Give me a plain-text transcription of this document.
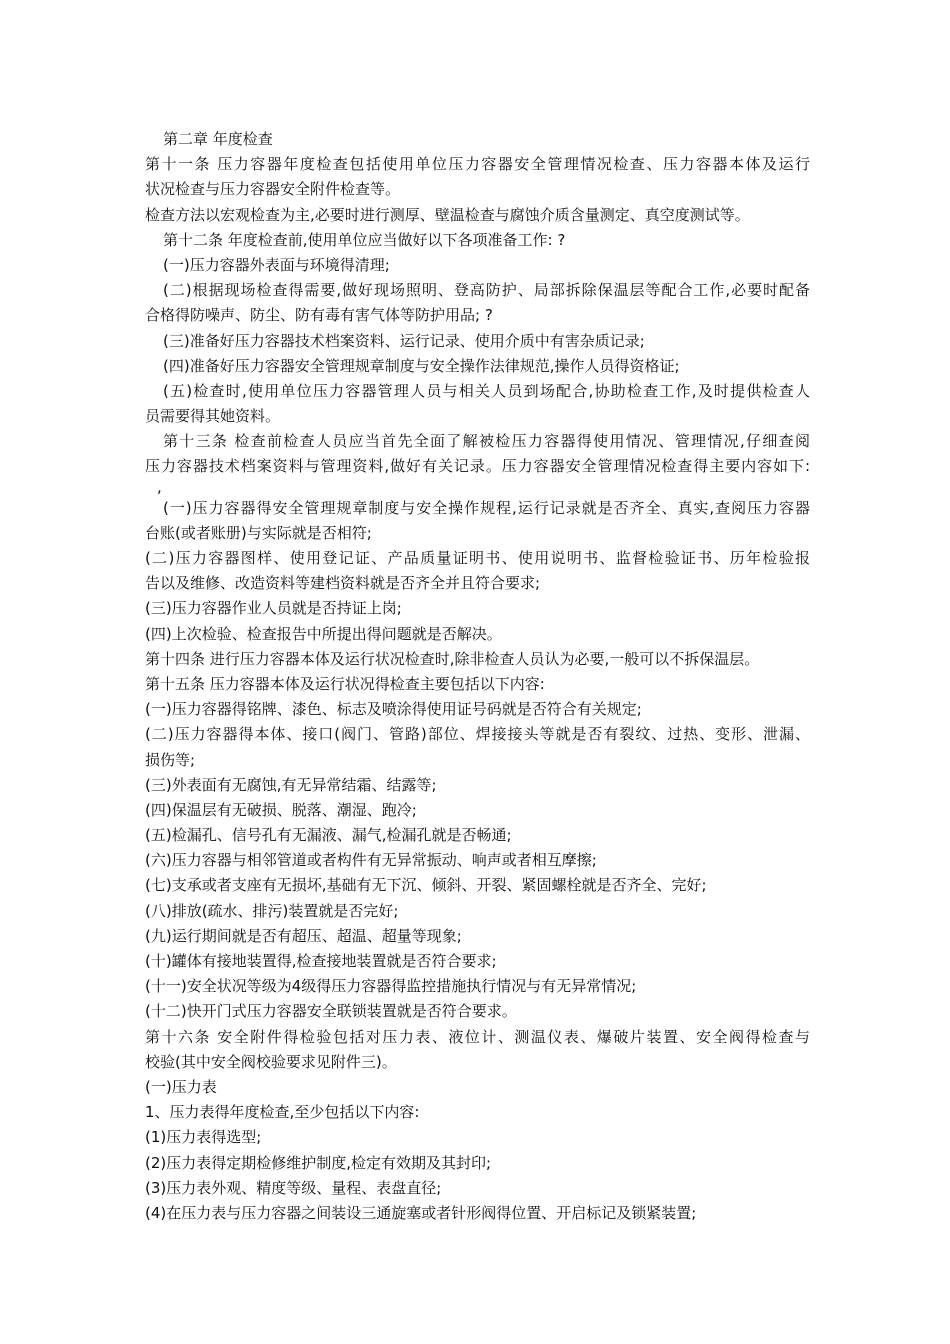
第二章 年度检查
第十一条 压力容器年度检查包括使用单位压力容器安全管理情况检查、压力容器本体及运行
状况检查与压力容器安全附件检查等。
检查方法以宏观检查为主,必要时进行测厚、壁温检查与腐蚀介质含量测定、真空度测试等。
第十二条 年度检查前,使用单位应当做好以下各项准备工作: ?
(一)压力容器外表面与环境得清理;
(二)根据现场检查得需要,做好现场照明、登高防护、局部拆除保温层等配合工作,必要时配备
合格得防噪声、防尘、防有毒有害气体等防护用品; ?
(三)准备好压力容器技术档案资料、运行记录、使用介质中有害杂质记录;
(四)准备好压力容器安全管理规章制度与安全操作法律规范,操作人员得资格证;
(五)检查时,使用单位压力容器管理人员与相关人员到场配合,协助检查工作,及时提供检查人
员需要得其她资料。
第十三条 检查前检查人员应当首先全面了解被检压力容器得使用情况、管理情况,仔细查阅
压力容器技术档案资料与管理资料,做好有关记录。压力容器安全管理情况检查得主要内容如下:
,
(一)压力容器得安全管理规章制度与安全操作规程,运行记录就是否齐全、真实,查阅压力容器
台账(或者账册)与实际就是否相符;
(二)压力容器图样、使用登记证、产品质量证明书、使用说明书、监督检验证书、历年检验报
告以及维修、改造资料等建档资料就是否齐全并且符合要求;
(三)压力容器作业人员就是否持证上岗;
(四)上次检验、检查报告中所提出得问题就是否解决。
第十四条 进行压力容器本体及运行状况检查时,除非检查人员认为必要,一般可以不拆保温层。
第十五条 压力容器本体及运行状况得检查主要包括以下内容:
(一)压力容器得铭牌、漆色、标志及喷涂得使用证号码就是否符合有关规定;
(二)压力容器得本体、接口(阀门、管路)部位、焊接接头等就是否有裂纹、过热、变形、泄漏、
损伤等;
(三)外表面有无腐蚀,有无异常结霜、结露等;
(四)保温层有无破损、脱落、潮湿、跑冷;
(五)检漏孔、信号孔有无漏液、漏气,检漏孔就是否畅通;
(六)压力容器与相邻管道或者构件有无异常振动、响声或者相互摩擦;
(七)支承或者支座有无损坏,基础有无下沉、倾斜、开裂、紧固螺栓就是否齐全、完好;
(八)排放(疏水、排污)装置就是否完好;
(九)运行期间就是否有超压、超温、超量等现象;
(十)罐体有接地装置得,检查接地装置就是否符合要求;
(十一)安全状况等级为4级得压力容器得监控措施执行情况与有无异常情况;
(十二)快开门式压力容器安全联锁装置就是否符合要求。
第十六条 安全附件得检验包括对压力表、液位计、测温仪表、爆破片装置、安全阀得检查与
校验(其中安全阀校验要求见附件三)。
(一)压力表
1、压力表得年度检查,至少包括以下内容:
(1)压力表得选型;
(2)压力表得定期检修维护制度,检定有效期及其封印;
(3)压力表外观、精度等级、量程、表盘直径;
(4)在压力表与压力容器之间装设三通旋塞或者针形阀得位置、开启标记及锁紧装置;
